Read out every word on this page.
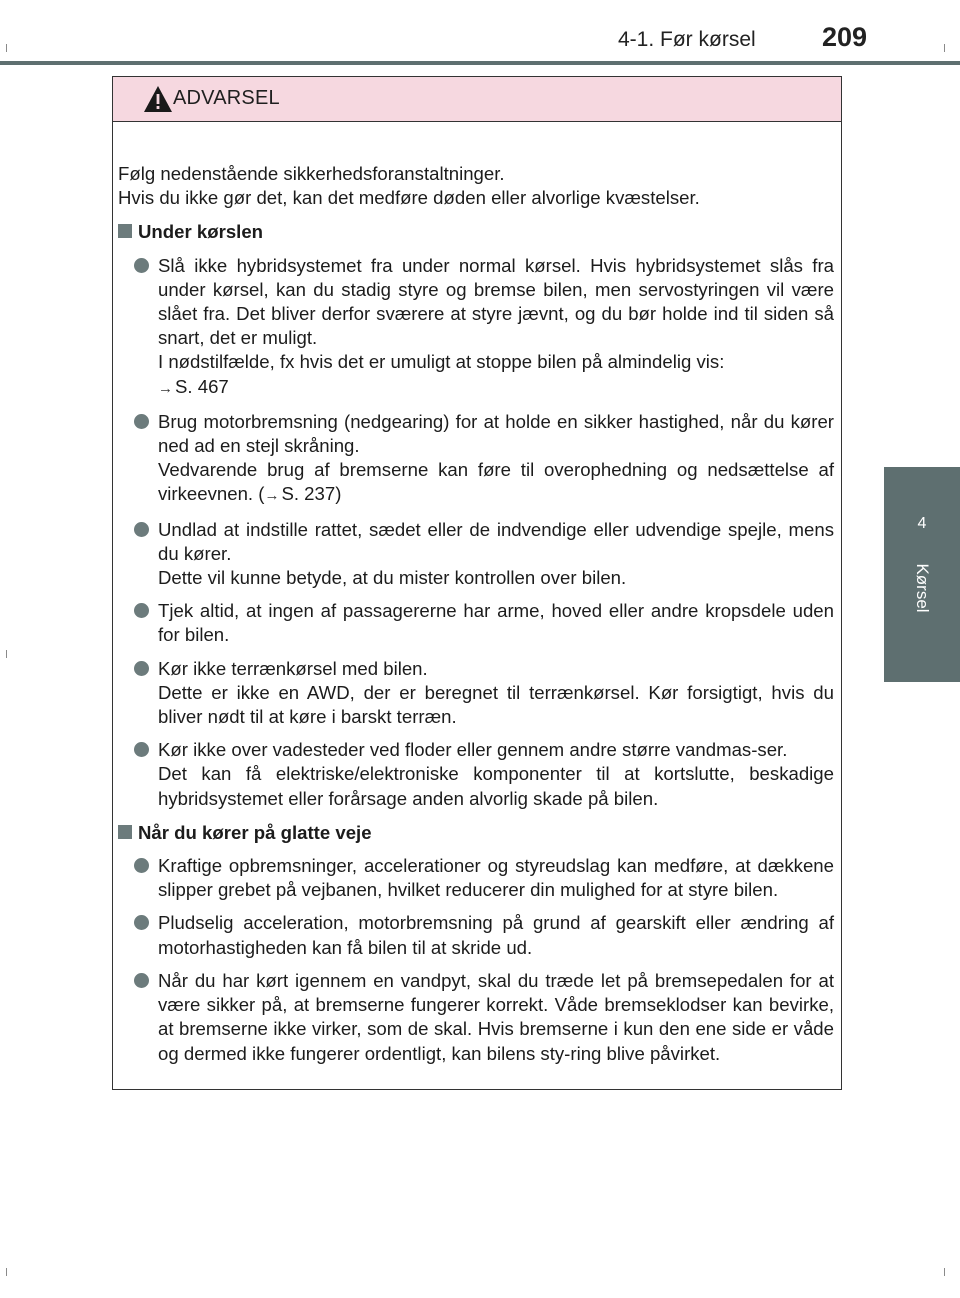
4-1. Før kørsel 209
4
Kørsel
ADVARSEL

Følg nedenstående sikkerhedsforanstaltninger.

Hvis du ikke gør det, kan det medføre døden eller alvorlige kvæstelser.

Under kørslen

Slå ikke hybridsystemet fra under normal kørsel. Hvis hybridsystemet slås fra under kørsel, kan du stadig styre og bremse bilen, men servostyringen vil være slået fra. Det bliver derfor sværere at styre jævnt, og du bør holde ind til siden så snart, det er muligt.

I nødstilfælde, fx hvis det er umuligt at stoppe bilen på almindelig vis:

→ S. 467

Brug motorbremsning (nedgearing) for at holde en sikker hastighed, når du kører ned ad en stejl skråning.

Vedvarende brug af bremserne kan føre til overophedning og nedsættelse af virkeevnen. (→ S. 237)

Undlad at indstille rattet, sædet eller de indvendige eller udvendige spejle, mens du kører.

Dette vil kunne betyde, at du mister kontrollen over bilen.

Tjek altid, at ingen af passagererne har arme, hoved eller andre kropsdele uden for bilen.

Kør ikke terrænkørsel med bilen.

Dette er ikke en AWD, der er beregnet til terrænkørsel. Kør forsigtigt, hvis du bliver nødt til at køre i barskt terræn.

Kør ikke over vadesteder ved floder eller gennem andre større vandmas-ser.

Det kan få elektriske/elektroniske komponenter til at kortslutte, beskadige hybridsystemet eller forårsage anden alvorlig skade på bilen.

Når du kører på glatte veje

Kraftige opbremsninger, accelerationer og styreudslag kan medføre, at dækkene slipper grebet på vejbanen, hvilket reducerer din mulighed for at styre bilen.

Pludselig acceleration, motorbremsning på grund af gearskift eller ændring af motorhastigheden kan få bilen til at skride ud.

Når du har kørt igennem en vandpyt, skal du træde let på bremsepedalen for at være sikker på, at bremserne fungerer korrekt. Våde bremseklodser kan bevirke, at bremserne ikke virker, som de skal. Hvis bremserne i kun den ene side er våde og dermed ikke fungerer ordentligt, kan bilens sty-ring blive påvirket.
